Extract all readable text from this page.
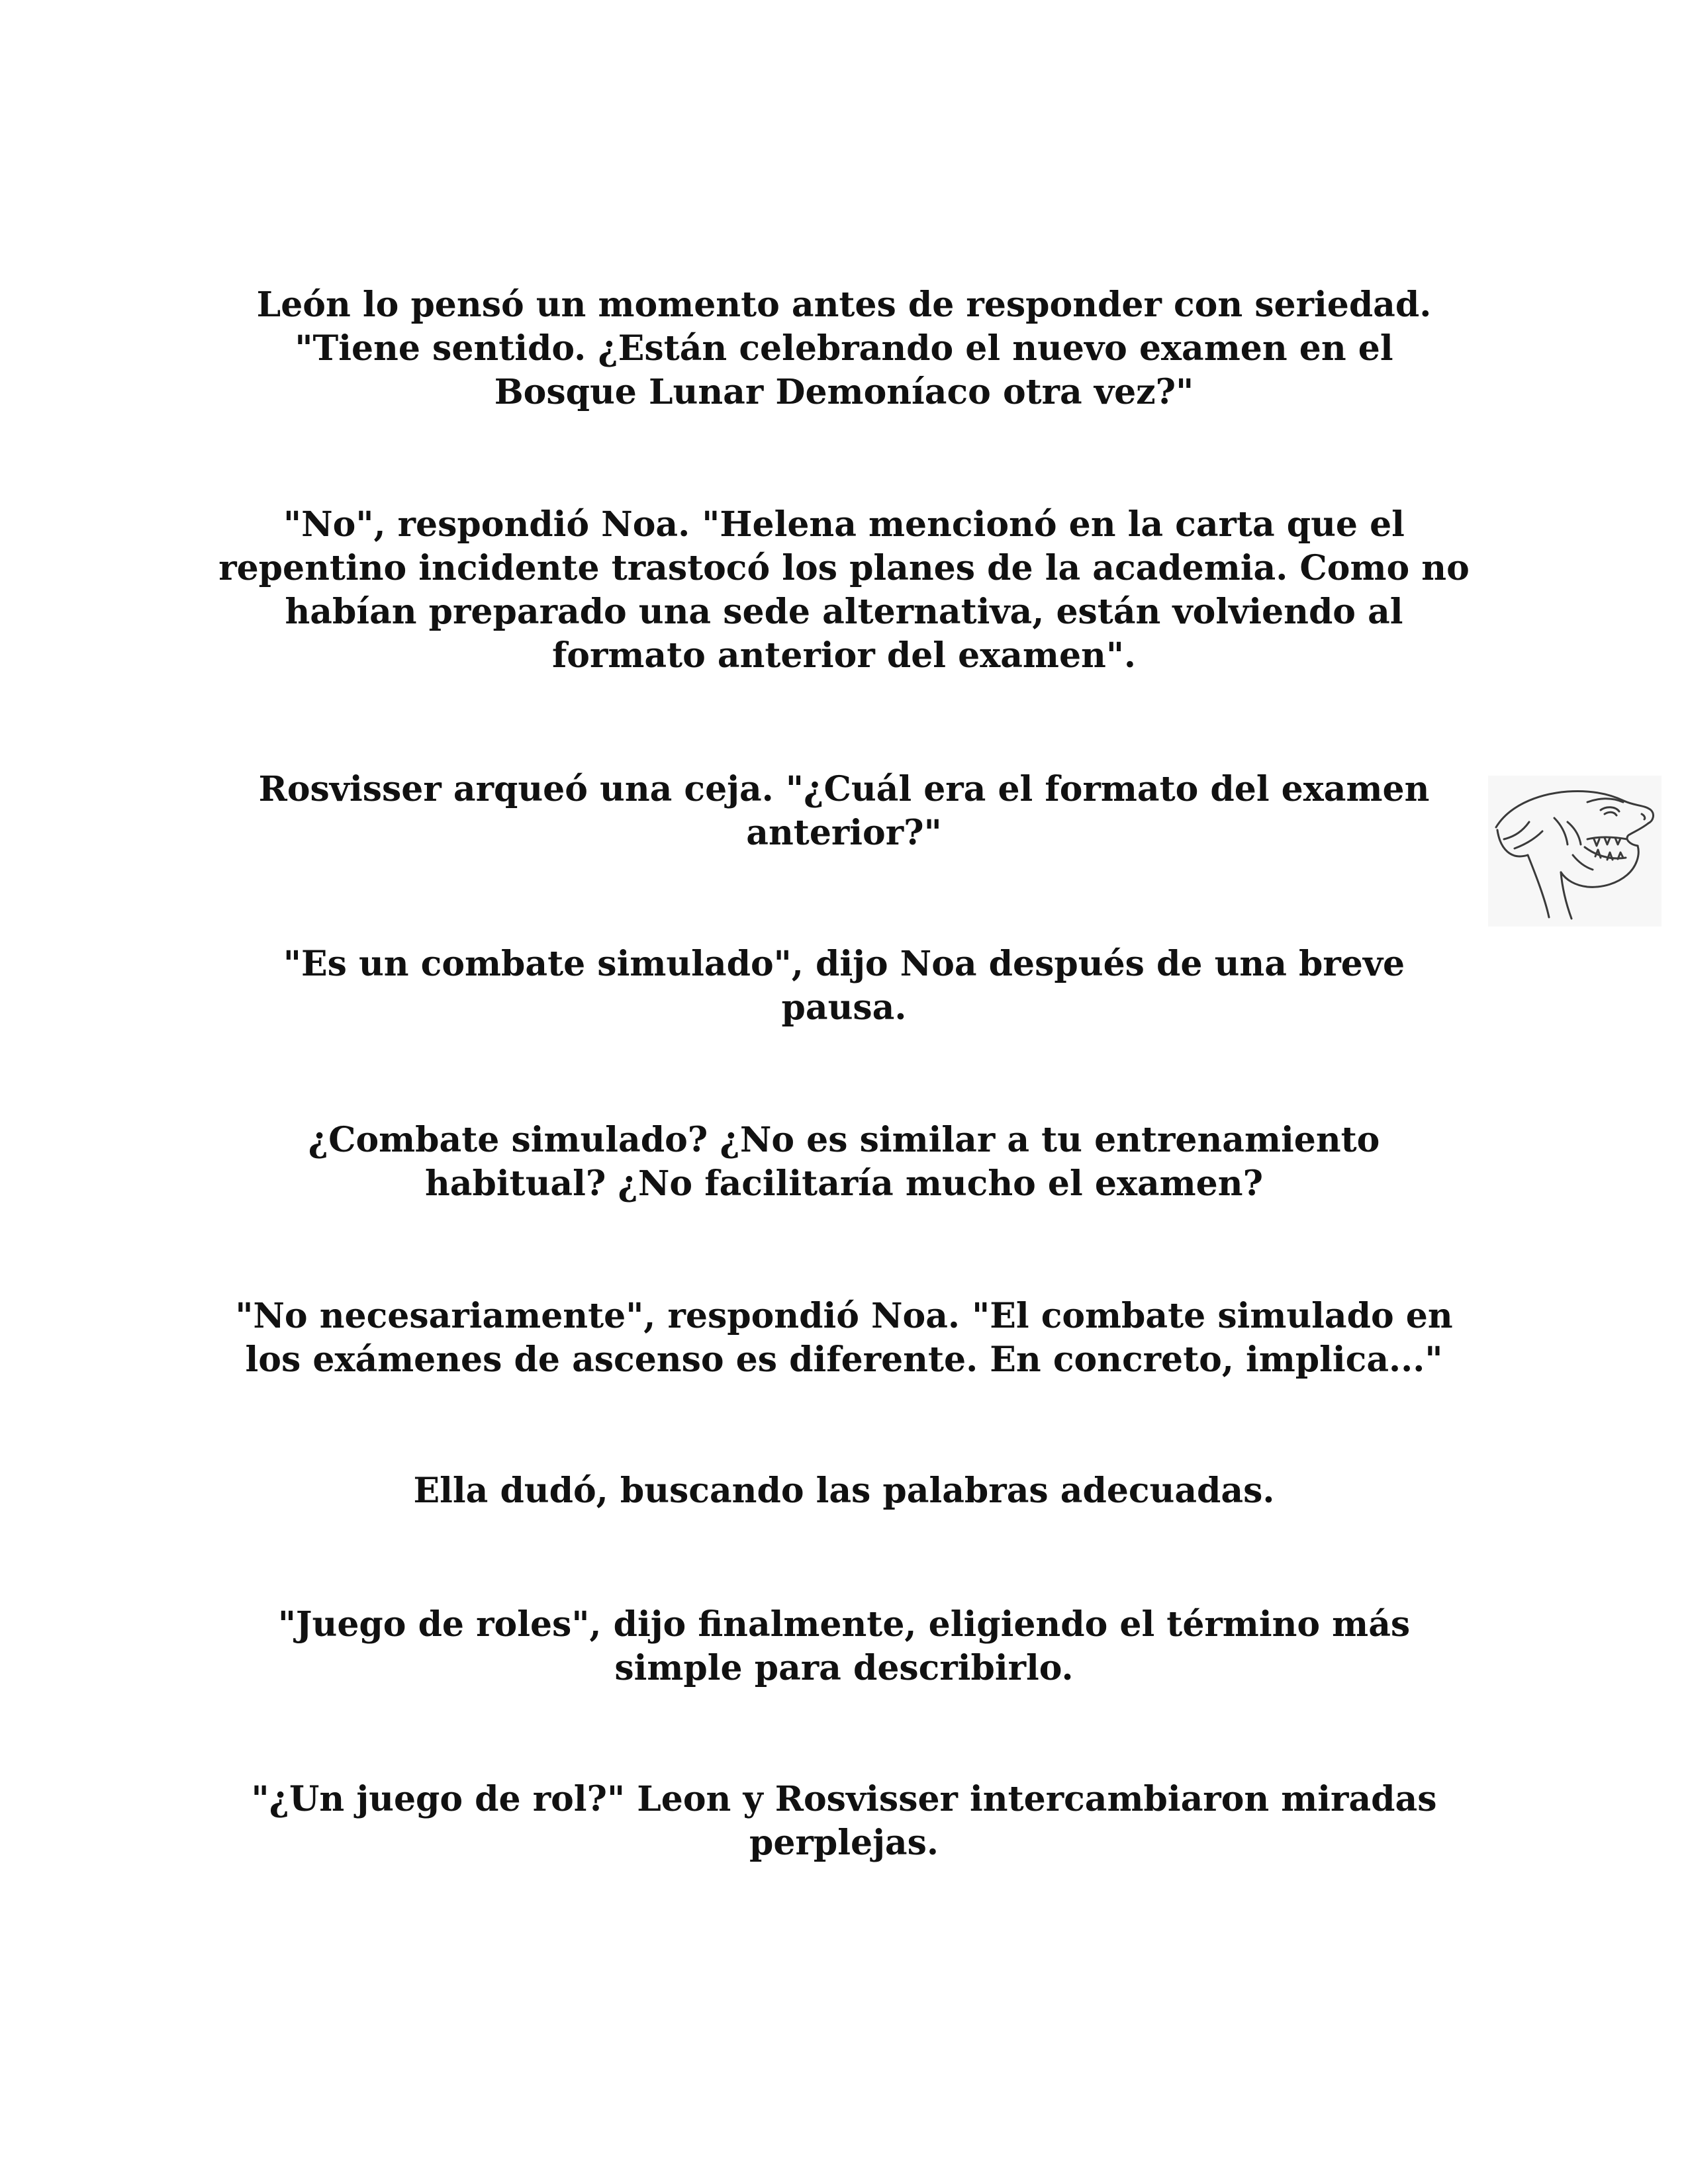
León lo pensó un momento antes de responder con seriedad. "Tiene sentido. ¿Están celebrando el nuevo examen en el Bosque Lunar Demoníaco otra vez?"

"No", respondió Noa. "Helena mencionó en la carta que el repentino incidente trastocó los planes de la academia. Como no habían preparado una sede alternativa, están volviendo al formato anterior del examen".

Rosvisser arqueó una ceja. "¿Cuál era el formato del examen anterior?"

"Es un combate simulado", dijo Noa después de una breve pausa.

¿Combate simulado? ¿No es similar a tu entrenamiento habitual? ¿No facilitaría mucho el examen?

"No necesariamente", respondió Noa. "El combate simulado en los exámenes de ascenso es diferente. En concreto, implica..."

Ella dudó, buscando las palabras adecuadas.

"Juego de roles", dijo finalmente, eligiendo el término más simple para describirlo.

"¿Un juego de rol?" Leon y Rosvisser intercambiaron miradas perplejas.
